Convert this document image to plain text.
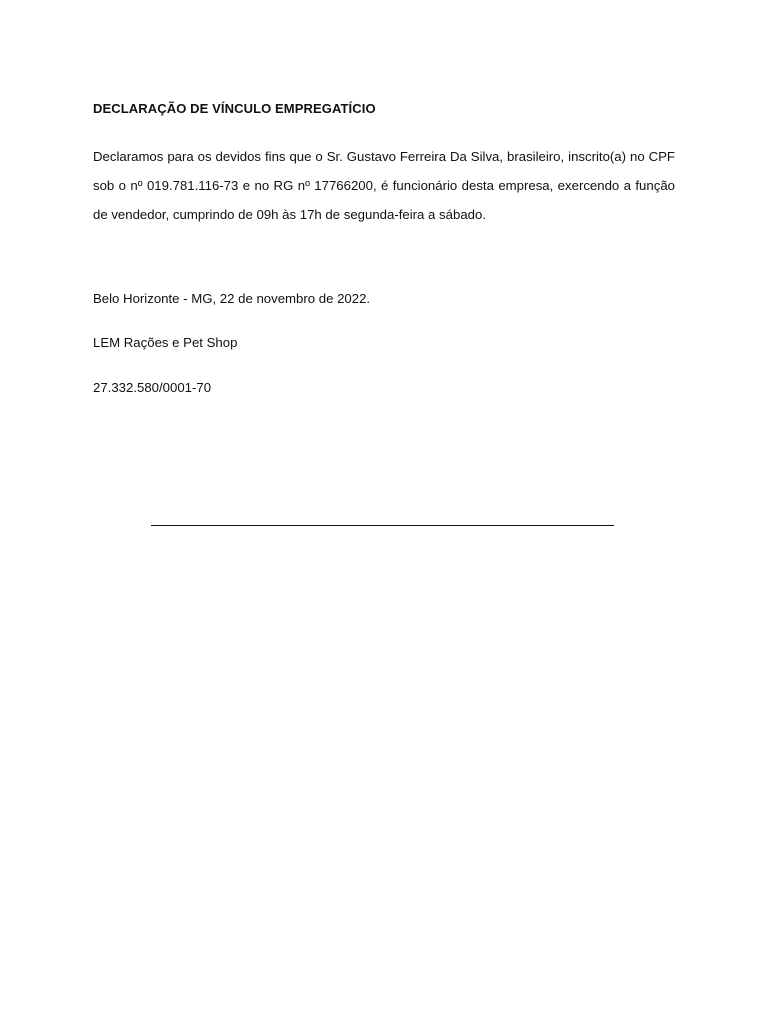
DECLARAÇÃO DE VÍNCULO EMPREGATÍCIO
Declaramos para os devidos fins que o Sr. Gustavo Ferreira Da Silva, brasileiro, inscrito(a) no CPF sob o nº 019.781.116-73 e no RG nº 17766200, é funcionário desta empresa, exercendo a função de vendedor, cumprindo de 09h às 17h de segunda-feira a sábado.
Belo Horizonte - MG, 22 de novembro de 2022.
LEM Rações e Pet Shop
27.332.580/0001-70
.
